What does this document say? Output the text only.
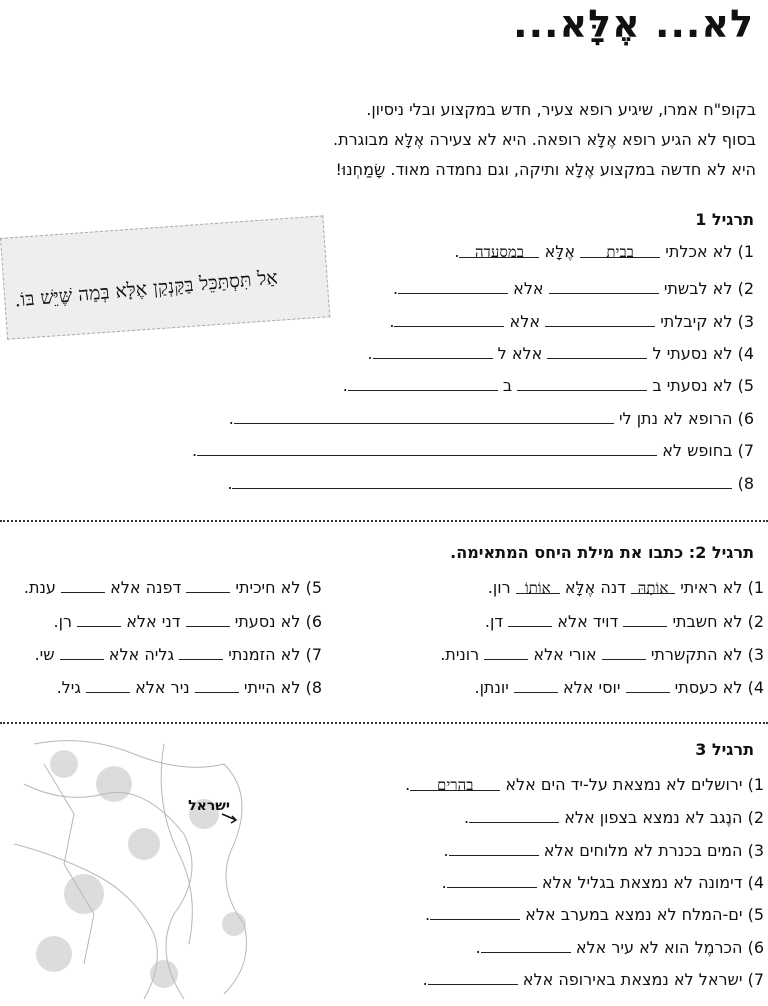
לא... אֶלָּא...
בקופ"ח אמרו, שיגיע רופא צעיר, חדש במקצוע ובלי ניסיון.
בסוף לא הגיע רופא אֶלָּא רופאה. היא לא צעירה אֶלָּא מבוגרת.
היא לא חדשה במקצוע אֶלָּא ותיקה, וגם נחמדה מאוד. שָׂמַחְנוּ!
אַל תִּסְתַּכֵּל בַּקַּנְקַן אֶלָּא בְּמַה שֶּׁיֵּשׁ בּוֹ.
תרגיל 1
1) לא אכלתי בבית אֶלָּא במסעדה.
2) לא לבשתי  אלא .
3) לא קיבלתי  אלא .
4) לא נסעתי ל  אלא ל .
5) לא נסעתי ב  ב .
6) הרופא לא נתן לי .
7) בחופש לא .
8) .
תרגיל 2: כתבו את מילת היחס המתאימה.
1) לא ראיתי אוֹתָהּ דנה אֶלָּא אוֹתוֹ רון.
2) לא חשבתי  דויד אלא  דן.
3) לא התקשרתי  אורי אלא  רונית.
4) לא כעסתי  יוסי אלא  יונתן.
5) לא חיכיתי  דפנה אלא  ענת.
6) לא נסעתי  דני אלא  רן.
7) לא הזמנתי  גליה אלא  שי.
8) לא הייתי  ניר אלא  גיל.
תרגיל 3
ישראל
1) ירושלים לא נמצאת על-יד הים אלא בהרים.
2) הנֶגב לא נמצא בצפון אלא .
3) המים בכנרת לא מלוחים אלא .
4) דימונה לא נמצאת בגליל אלא .
5) ים-המלח לא נמצא במערב אלא .
6) הכרמֶל הוא לא עיר אלא .
7) ישראל לא נמצאת באירופה אלא .
